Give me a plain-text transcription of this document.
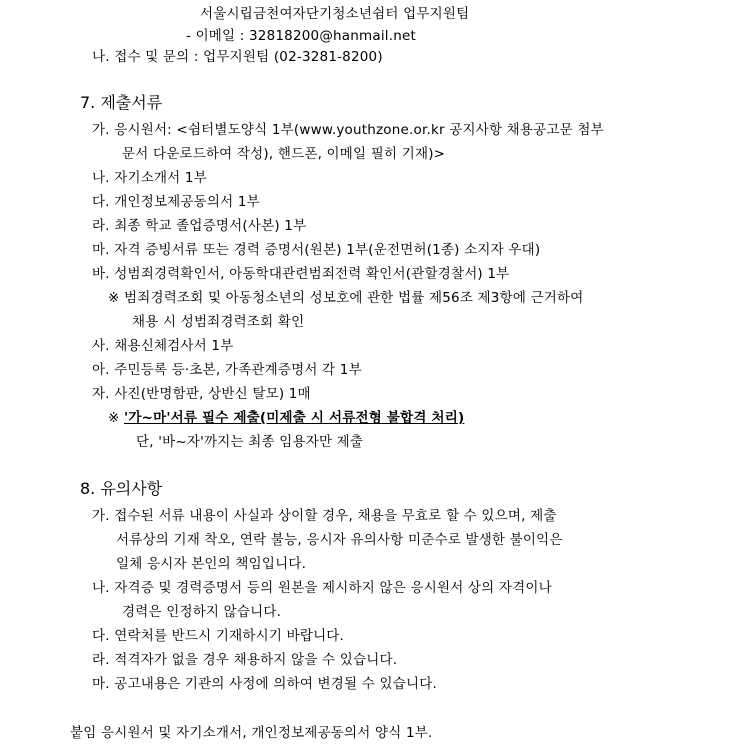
서울시립금천여자단기청소년쉼터 업무지원팀
- 이메일 : 32818200@hanmail.net
나. 접수 및 문의 : 업무지원팀 (02-3281-8200)
7. 제출서류
가. 응시원서: <쉼터별도양식 1부(www.youthzone.or.kr 공지사항 채용공고문 첨부
문서 다운로드하여 작성), 핸드폰, 이메일 필히 기재)>
나. 자기소개서 1부
다. 개인정보제공동의서 1부
라. 최종 학교 졸업증명서(사본) 1부
마. 자격 증빙서류 또는 경력 증명서(원본) 1부(운전면허(1종) 소지자 우대)
바. 성범죄경력확인서, 아동학대관련범죄전력 확인서(관할경찰서) 1부
※ 범죄경력조회 및 아동청소년의 성보호에 관한 법률 제56조 제3항에 근거하여
채용 시 성범죄경력조회 확인
사. 채용신체검사서 1부
아. 주민등록 등·초본, 가족관계증명서 각 1부
자. 사진(반명함판, 상반신 탈모) 1매
※ '가~마'서류 필수 제출(미제출 시 서류전형 불합격 처리)
단, '바~자'까지는 최종 임용자만 제출
8. 유의사항
가. 접수된 서류 내용이 사실과 상이할 경우, 채용을 무효로 할 수 있으며, 제출
서류상의 기재 착오, 연락 불능, 응시자 유의사항 미준수로 발생한 불이익은
일체 응시자 본인의 책임입니다.
나. 자격증 및 경력증명서 등의 원본을 제시하지 않은 응시원서 상의 자격이나
경력은 인정하지 않습니다.
다. 연락처를 반드시 기재하시기 바랍니다.
라. 적격자가 없을 경우 채용하지 않을 수 있습니다.
마. 공고내용은 기관의 사정에 의하여 변경될 수 있습니다.
붙임 응시원서 및 자기소개서, 개인정보제공동의서 양식 1부.
